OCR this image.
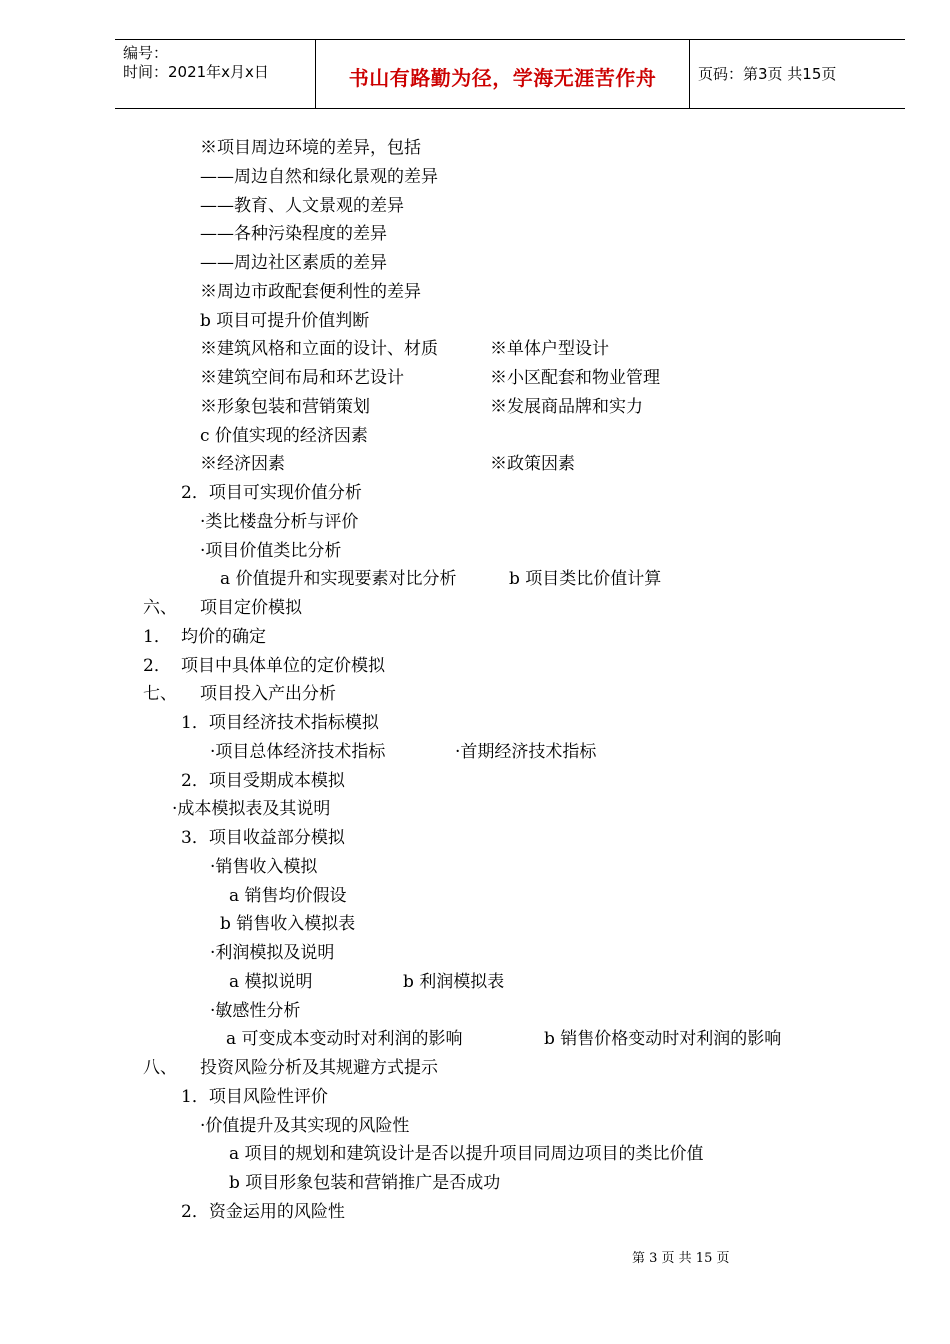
编号：
时间：2021年x月x日	书山有路勤为径，学海无涯苦作舟	页码：第3页 共15页
※项目周边环境的差异，包括
——周边自然和绿化景观的差异
——教育、人文景观的差异
——各种污染程度的差异
——周边社区素质的差异
※周边市政配套便利性的差异
b 项目可提升价值判断
※建筑风格和立面的设计、材质	※单体户型设计
※建筑空间布局和环艺设计	※小区配套和物业管理
※形象包装和营销策划	※发展商品牌和实力
c 价值实现的经济因素
※经济因素	※政策因素
2．项目可实现价值分析
·类比楼盘分析与评价
·项目价值类比分析
a 价值提升和实现要素对比分析	b 项目类比价值计算
六、 项目定价模拟
1． 均价的确定
2． 项目中具体单位的定价模拟
七、 项目投入产出分析
1．项目经济技术指标模拟
·项目总体经济技术指标	·首期经济技术指标
2．项目受期成本模拟
·成本模拟表及其说明
3．项目收益部分模拟
·销售收入模拟
a 销售均价假设
b 销售收入模拟表
·利润模拟及说明
a 模拟说明	b 利润模拟表
·敏感性分析
a 可变成本变动时对利润的影响	b 销售价格变动时对利润的影响
八、 投资风险分析及其规避方式提示
1．项目风险性评价
·价值提升及其实现的风险性
a 项目的规划和建筑设计是否以提升项目同周边项目的类比价值
b 项目形象包装和营销推广是否成功
2．资金运用的风险性
第 3 页 共 15 页
